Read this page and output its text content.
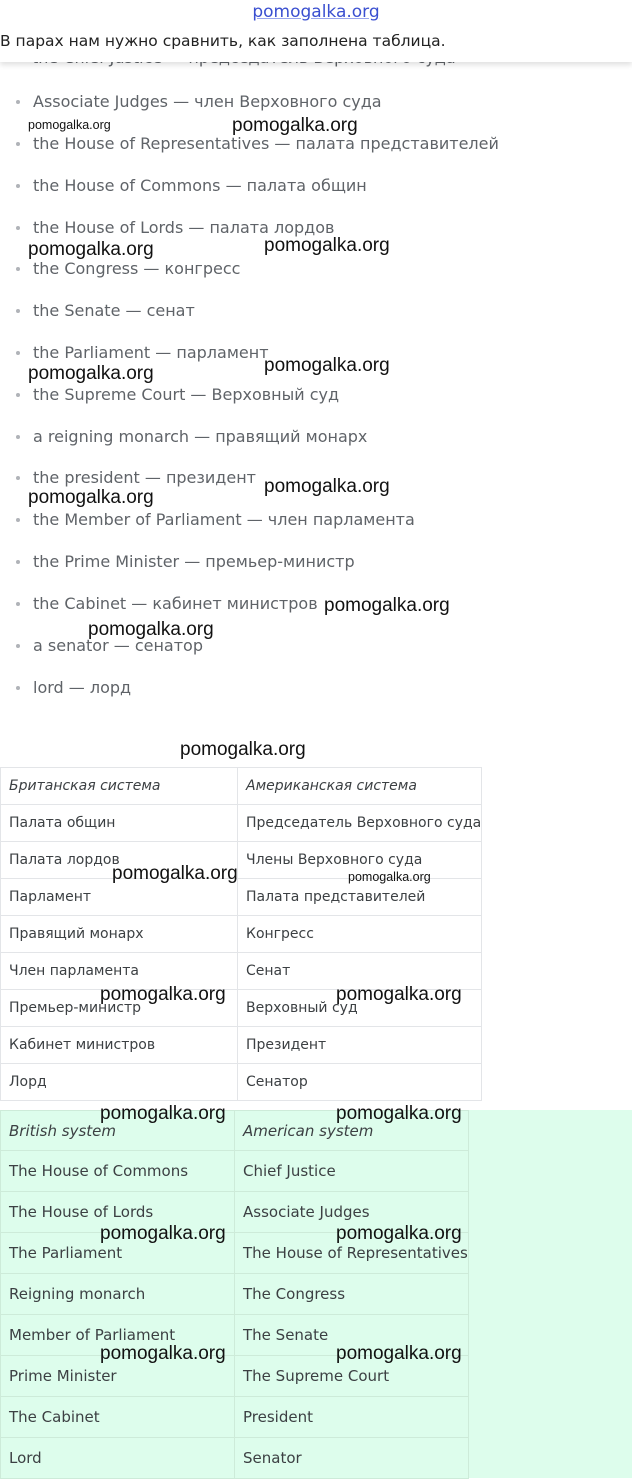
pomogalka.org
В парах нам нужно сравнить, как заполнена таблица.
Associate Judges — член Верховного суда
the House of Representatives — палата представителей
the House of Commons — палата общин
the House of Lords — палата лордов
the Congress — конгресс
the Senate — сенат
the Parliament — парламент
the Supreme Court — Верховный суд
a reigning monarch — правящий монарх
the president — президент
the Member of Parliament — член парламента
the Prime Minister — премьер-министр
the Cabinet — кабинет министров
a senator — сенатор
lord — лорд
Британская система	Американская система
Палата общин	Председатель Верховного суда
Палата лордов	Члены Верховного суда
Парламент	Палата представителей
Правящий монарх	Конгресс
Член парламента	Сенат
Премьер-министр	Верховный суд
Кабинет министров	Президент
Лорд	Сенатор
British system	American system
The House of Commons	Chief Justice
The House of Lords	Associate Judges
The Parliament	The House of Representatives
Reigning monarch	The Congress
Member of Parliament	The Senate
Prime Minister	The Supreme Court
The Cabinet	President
Lord	Senator
pomogalka.org	pomogalka.org
pomogalka.org	pomogalka.org
pomogalka.org	pomogalka.org
pomogalka.org
pomogalka.org
pomogalka.org
pomogalka.org
pomogalka.org
pomogalka.org	pomogalka.org
pomogalka.org	pomogalka.org
pomogalka.org	pomogalka.org
pomogalka.org	pomogalka.org
pomogalka.org	pomogalka.org
